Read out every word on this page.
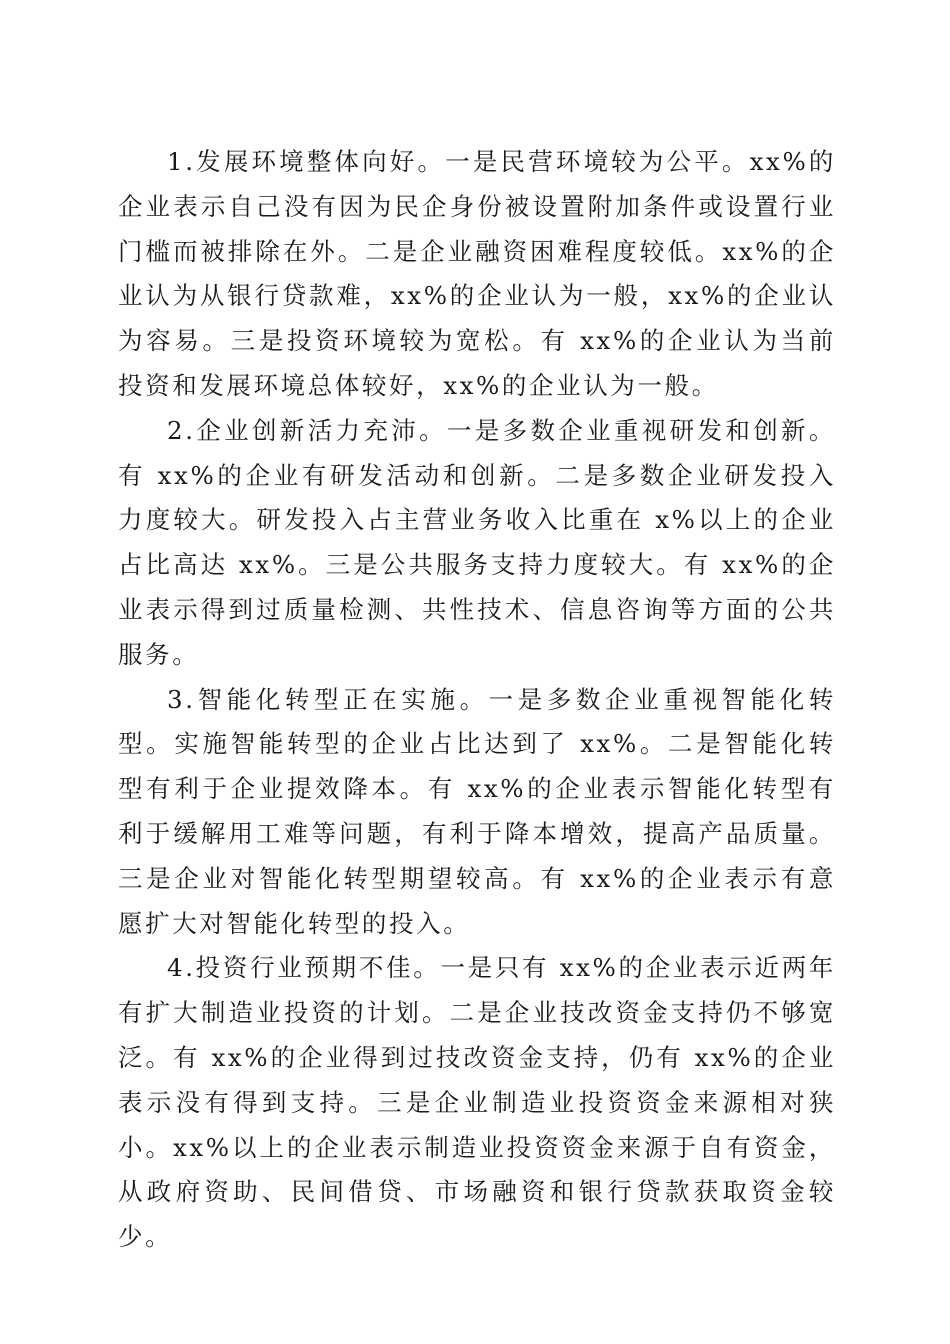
1.发展环境整体向好。一是民营环境较为公平。xx%的企业表示自己没有因为民企身份被设置附加条件或设置行业门槛而被排除在外。二是企业融资困难程度较低。xx%的企业认为从银行贷款难，xx%的企业认为一般，xx%的企业认为容易。三是投资环境较为宽松。有 xx%的企业认为当前投资和发展环境总体较好，xx%的企业认为一般。

2.企业创新活力充沛。一是多数企业重视研发和创新。有 xx%的企业有研发活动和创新。二是多数企业研发投入力度较大。研发投入占主营业务收入比重在 x%以上的企业占比高达 xx%。三是公共服务支持力度较大。有 xx%的企业表示得到过质量检测、共性技术、信息咨询等方面的公共服务。

3.智能化转型正在实施。一是多数企业重视智能化转型。实施智能转型的企业占比达到了 xx%。二是智能化转型有利于企业提效降本。有 xx%的企业表示智能化转型有利于缓解用工难等问题，有利于降本增效，提高产品质量。三是企业对智能化转型期望较高。有 xx%的企业表示有意愿扩大对智能化转型的投入。

4.投资行业预期不佳。一是只有 xx%的企业表示近两年有扩大制造业投资的计划。二是企业技改资金支持仍不够宽泛。有 xx%的企业得到过技改资金支持，仍有 xx%的企业表示没有得到支持。三是企业制造业投资资金来源相对狭小。xx%以上的企业表示制造业投资资金来源于自有资金，从政府资助、民间借贷、市场融资和银行贷款获取资金较少。
